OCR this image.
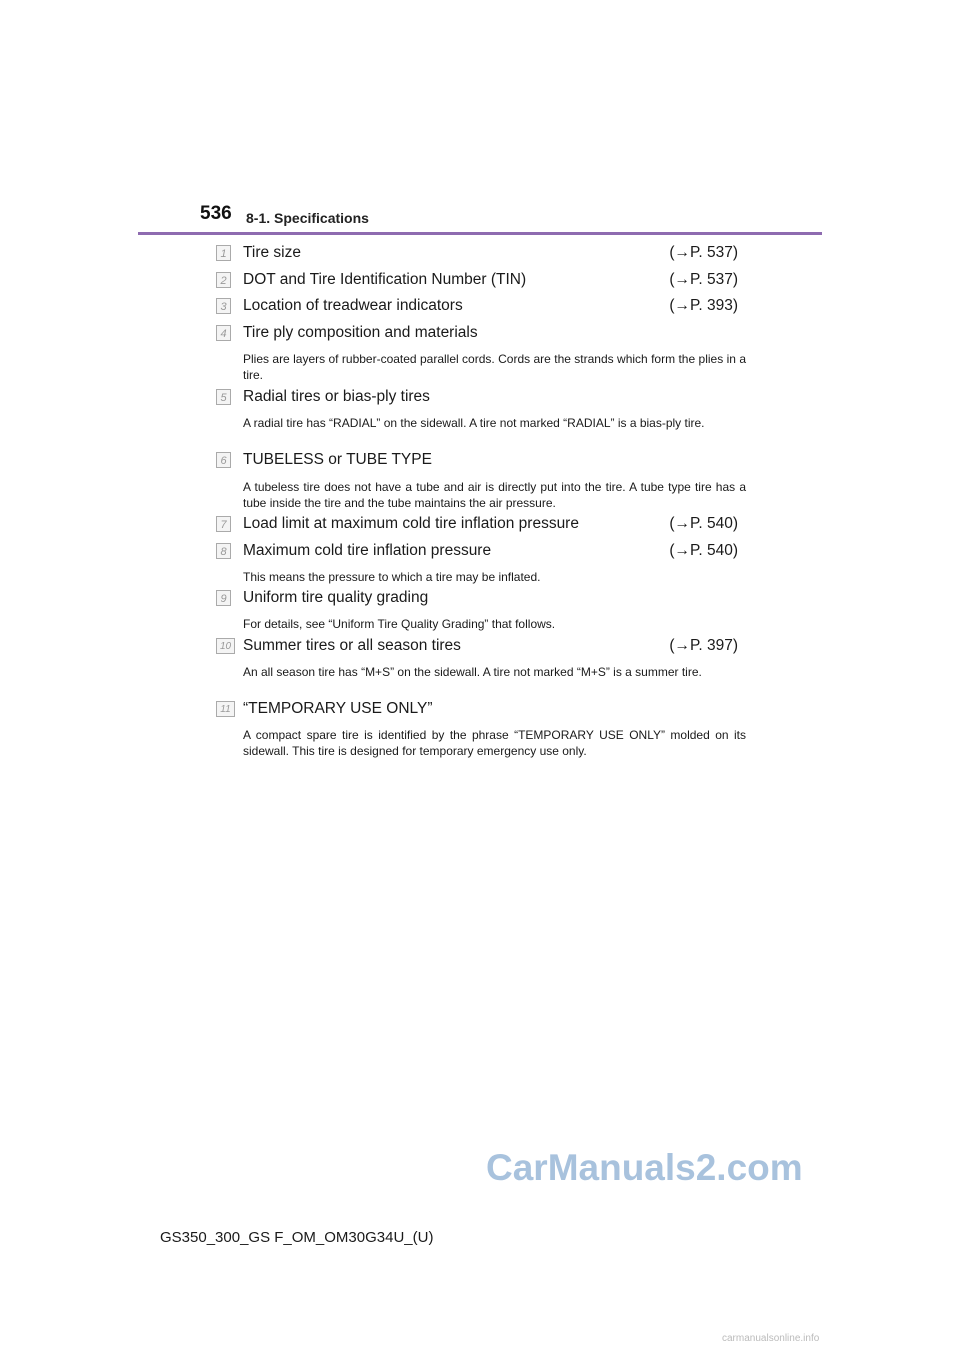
536 8-1. Specifications
1 Tire size	(→P. 537)
2 DOT and Tire Identification Number (TIN)	(→P. 537)
3 Location of treadwear indicators	(→P. 393)
4 Tire ply composition and materials
Plies are layers of rubber-coated parallel cords. Cords are the strands which form the plies in a tire.
5 Radial tires or bias-ply tires
A radial tire has “RADIAL” on the sidewall. A tire not marked “RADIAL” is a bias-ply tire.
6 TUBELESS or TUBE TYPE
A tubeless tire does not have a tube and air is directly put into the tire. A tube type tire has a tube inside the tire and the tube maintains the air pressure.
7 Load limit at maximum cold tire inflation pressure	(→P. 540)
8 Maximum cold tire inflation pressure	(→P. 540)
This means the pressure to which a tire may be inflated.
9 Uniform tire quality grading
For details, see “Uniform Tire Quality Grading” that follows.
10 Summer tires or all season tires	(→P. 397)
An all season tire has “M+S” on the sidewall. A tire not marked “M+S” is a summer tire.
11 “TEMPORARY USE ONLY”
A compact spare tire is identified by the phrase “TEMPORARY USE ONLY” molded on its sidewall. This tire is designed for temporary emergency use only.
CarManuals2.com
GS350_300_GS F_OM_OM30G34U_(U)
carmanualsonline.info
